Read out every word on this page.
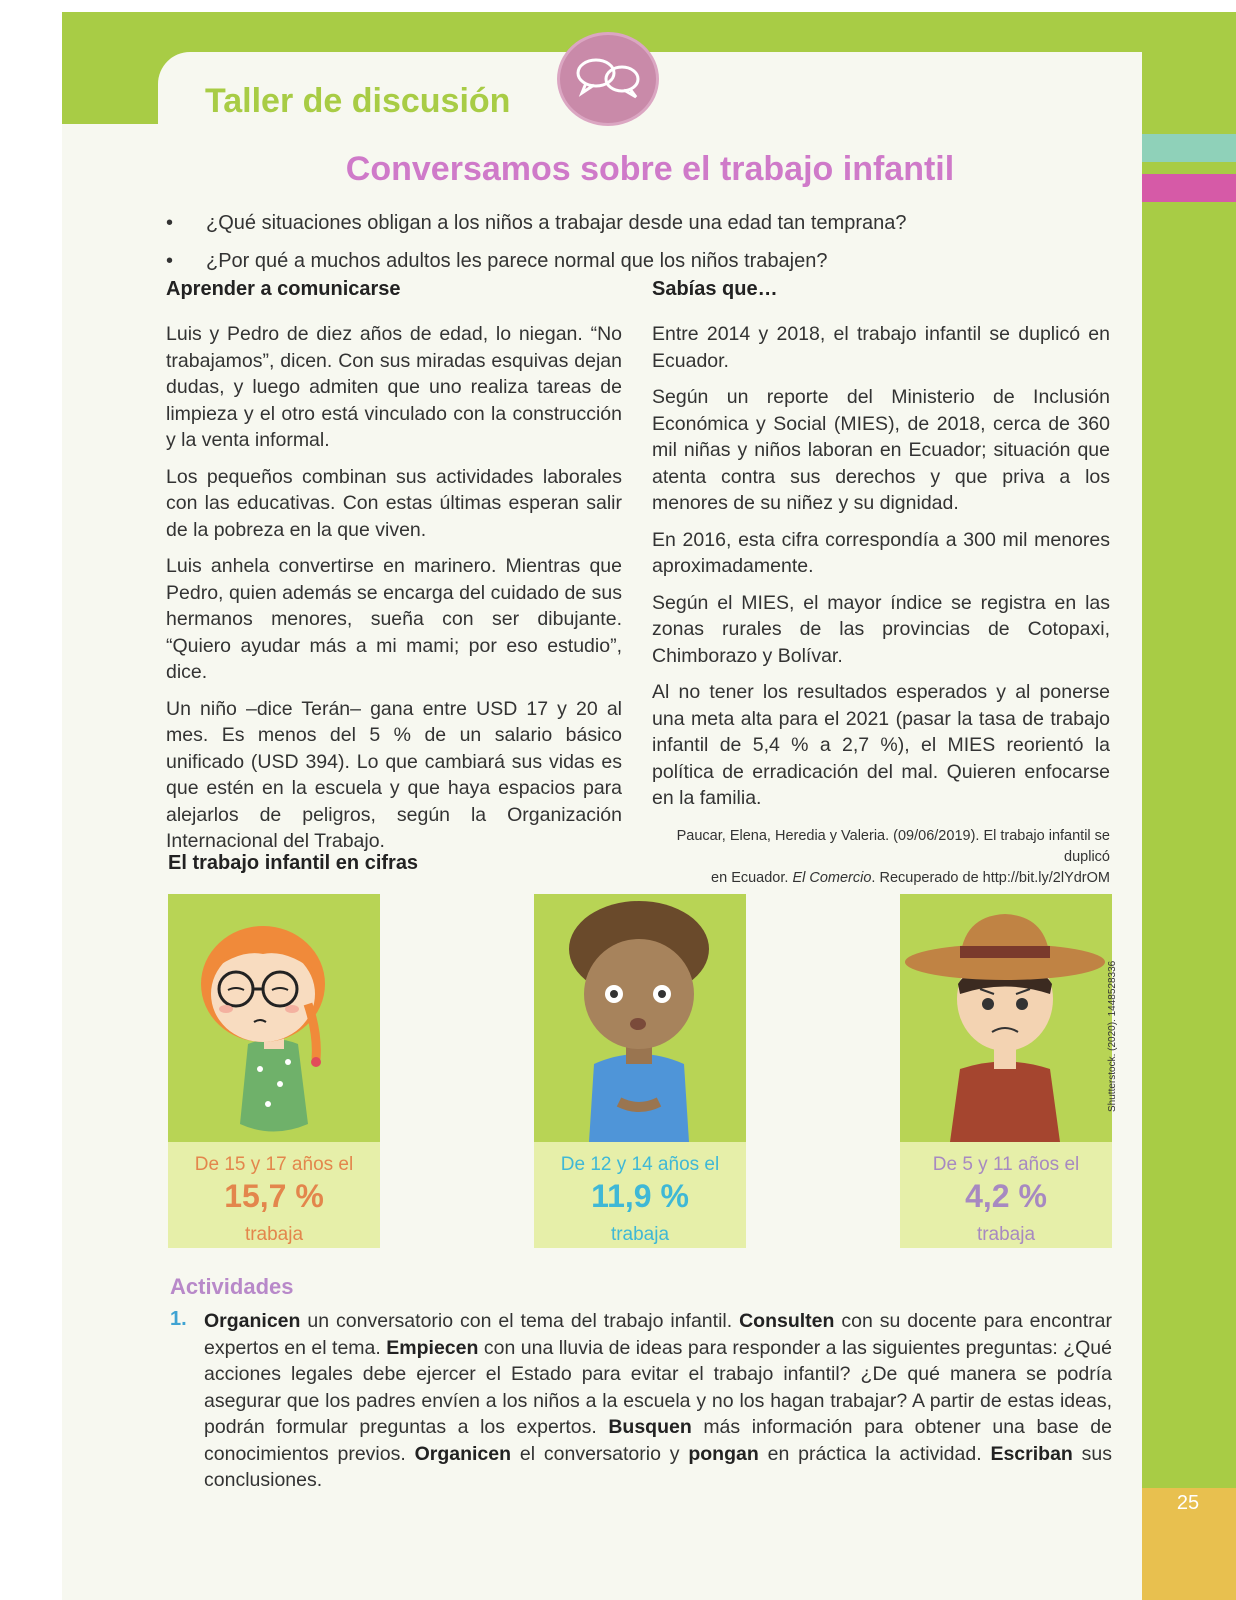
25
Taller de discusión
Conversamos sobre el trabajo infantil
• ¿Qué situaciones obligan a los niños a trabajar desde una edad tan temprana?
• ¿Por qué a muchos adultos les parece normal que los niños trabajen?
Aprender a comunicarse

Luis y Pedro de diez años de edad, lo niegan. “No trabajamos”, dicen. Con sus miradas esquivas dejan dudas, y luego admiten que uno realiza tareas de limpieza y el otro está vinculado con la construcción y la venta informal.

Los pequeños combinan sus actividades laborales con las educativas. Con estas últimas esperan salir de la pobreza en la que viven.

Luis anhela convertirse en marinero. Mientras que Pedro, quien además se encarga del cuidado de sus hermanos menores, sueña con ser dibujante. “Quiero ayudar más a mi mami; por eso estudio”, dice.

Un niño –dice Terán– gana entre USD 17 y 20 al mes. Es menos del 5 % de un salario básico unificado (USD 394). Lo que cambiará sus vidas es que estén en la escuela y que haya espacios para alejarlos de peligros, según la Organización Internacional del Trabajo.

Sabías que…

Entre 2014 y 2018, el trabajo infantil se duplicó en Ecuador.

Según un reporte del Ministerio de Inclusión Económica y Social (MIES), de 2018, cerca de 360 mil niñas y niños laboran en Ecuador; situación que atenta contra sus derechos y que priva a los menores de su niñez y su dignidad.

En 2016, esta cifra correspondía a 300 mil menores aproximadamente.

Según el MIES, el mayor índice se registra en las zonas rurales de las provincias de Cotopaxi, Chimborazo y Bolívar.

Al no tener los resultados esperados y al ponerse una meta alta para el 2021 (pasar la tasa de trabajo infantil de 5,4 % a 2,7 %), el MIES reorientó la política de erradicación del mal. Quieren enfocarse en la familia.

Paucar, Elena, Heredia y Valeria. (09/06/2019). El trabajo infantil se duplicó
en Ecuador. El Comercio. Recuperado de http://bit.ly/2lYdrOM
El trabajo infantil en cifras
De 15 y 17 años el
15,7 %
trabaja
De 12 y 14 años el
11,9 %
trabaja
De 5 y 11 años el
4,2 %
trabaja
Shutterstock. (2020). 1448528336
Actividades
1. Organicen un conversatorio con el tema del trabajo infantil. Consulten con su docente para encontrar expertos en el tema. Empiecen con una lluvia de ideas para responder a las siguientes preguntas: ¿Qué acciones legales debe ejercer el Estado para evitar el trabajo infantil? ¿De qué manera se podría asegurar que los padres envíen a los niños a la escuela y no los hagan trabajar? A partir de estas ideas, podrán formular preguntas a los expertos. Busquen más información para obtener una base de conocimientos previos. Organicen el conversatorio y pongan en práctica la actividad. Escriban sus conclusiones.
